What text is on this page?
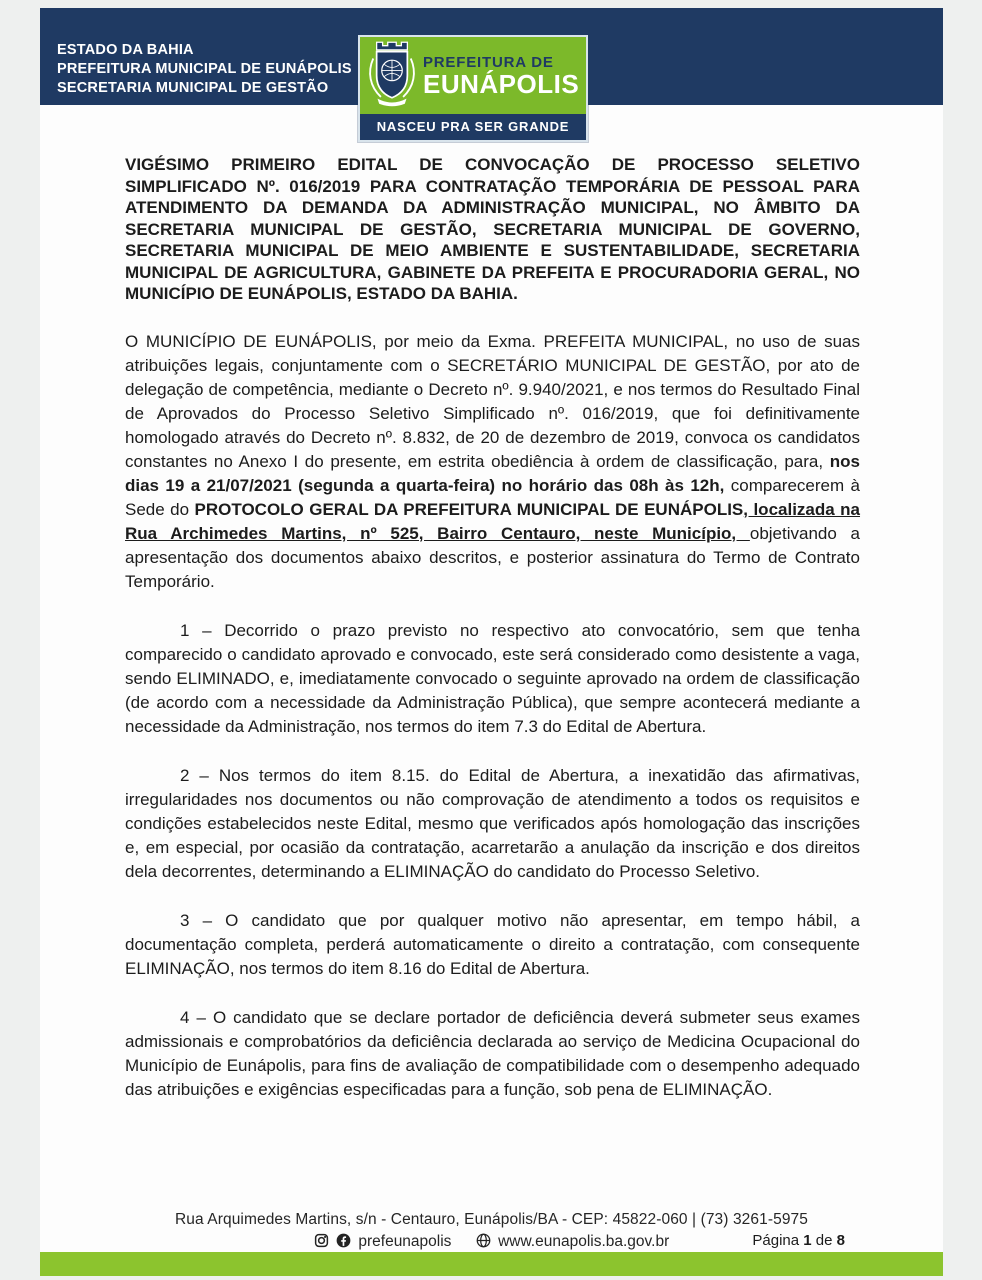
ESTADO DA BAHIA
PREFEITURA MUNICIPAL DE EUNÁPOLIS
SECRETARIA MUNICIPAL DE GESTÃO
PREFEITURA DE
EUNÁPOLIS
NASCEU PRA SER GRANDE

VIGÉSIMO PRIMEIRO EDITAL DE CONVOCAÇÃO DE PROCESSO SELETIVO SIMPLIFICADO Nº. 016/2019 PARA CONTRATAÇÃO TEMPORÁRIA DE PESSOAL PARA ATENDIMENTO DA DEMANDA DA ADMINISTRAÇÃO MUNICIPAL, NO ÂMBITO DA SECRETARIA MUNICIPAL DE GESTÃO, SECRETARIA MUNICIPAL DE GOVERNO, SECRETARIA MUNICIPAL DE MEIO AMBIENTE E SUSTENTABILIDADE, SECRETARIA MUNICIPAL DE AGRICULTURA, GABINETE DA PREFEITA E PROCURADORIA GERAL, NO MUNICÍPIO DE EUNÁPOLIS, ESTADO DA BAHIA.

O MUNICÍPIO DE EUNÁPOLIS, por meio da Exma. PREFEITA MUNICIPAL, no uso de suas atribuições legais, conjuntamente com o SECRETÁRIO MUNICIPAL DE GESTÃO, por ato de delegação de competência, mediante o Decreto nº. 9.940/2021, e nos termos do Resultado Final de Aprovados do Processo Seletivo Simplificado nº. 016/2019, que foi definitivamente homologado através do Decreto nº. 8.832, de 20 de dezembro de 2019, convoca os candidatos constantes no Anexo I do presente, em estrita obediência à ordem de classificação, para, nos dias 19 a 21/07/2021 (segunda a quarta-feira) no horário das 08h às 12h, comparecerem à Sede do PROTOCOLO GERAL DA PREFEITURA MUNICIPAL DE EUNÁPOLIS, localizada na Rua Archimedes Martins, nº 525, Bairro Centauro, neste Município, objetivando a apresentação dos documentos abaixo descritos, e posterior assinatura do Termo de Contrato Temporário.

1 – Decorrido o prazo previsto no respectivo ato convocatório, sem que tenha comparecido o candidato aprovado e convocado, este será considerado como desistente a vaga, sendo ELIMINADO, e, imediatamente convocado o seguinte aprovado na ordem de classificação (de acordo com a necessidade da Administração Pública), que sempre acontecerá mediante a necessidade da Administração, nos termos do item 7.3 do Edital de Abertura.

2 – Nos termos do item 8.15. do Edital de Abertura, a inexatidão das afirmativas, irregularidades nos documentos ou não comprovação de atendimento a todos os requisitos e condições estabelecidos neste Edital, mesmo que verificados após homologação das inscrições e, em especial, por ocasião da contratação, acarretarão a anulação da inscrição e dos direitos dela decorrentes, determinando a ELIMINAÇÃO do candidato do Processo Seletivo.

3 – O candidato que por qualquer motivo não apresentar, em tempo hábil, a documentação completa, perderá automaticamente o direito a contratação, com consequente ELIMINAÇÃO, nos termos do item 8.16 do Edital de Abertura.

4 – O candidato que se declare portador de deficiência deverá submeter seus exames admissionais e comprobatórios da deficiência declarada ao serviço de Medicina Ocupacional do Município de Eunápolis, para fins de avaliação de compatibilidade com o desempenho adequado das atribuições e exigências especificadas para a função, sob pena de ELIMINAÇÃO.

Rua Arquimedes Martins, s/n - Centauro, Eunápolis/BA - CEP: 45822-060 | (73) 3261-5975
prefeunapolis	www.eunapolis.ba.gov.br	Página 1 de 8
